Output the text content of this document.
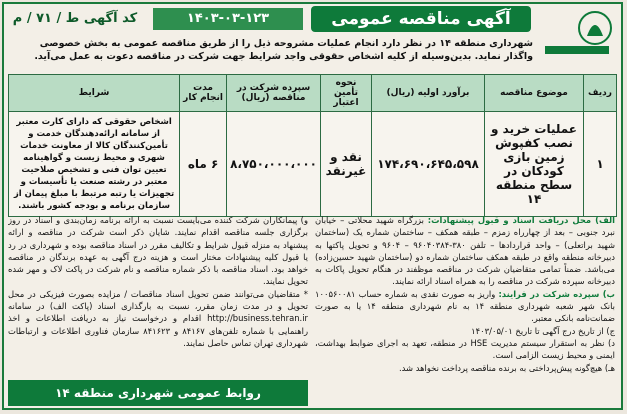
کد آگهی ط / ۷۱ / م	۱۴۰۳-۰۳-۱۲۳	آگهی مناقصه عمومی
شهرداری منطقه ۱۴ در نظر دارد انجام عملیات مشروحه ذیل را از طریق مناقصه عمومی به بخش خصوصی واگذار نماید. بدین‌وسیله از کلیه اشخاص حقوقی واجد شرایط جهت شرکت در مناقصه دعوت به عمل می‌آید.
ردیف	موضوع مناقصه	برآورد اولیه (ریال)	نحوه تأمین اعتبار	سپرده شرکت در مناقصه (ریال)	مدت انجام کار	شرایط
۱	عملیات خرید و نصب کفپوش زمین بازی کودکان در سطح منطقه ۱۴	۱۷۴،۶۹۰،۶۴۵،۵۹۸	نقد و غیرنقد	۸،۷۵۰،۰۰۰،۰۰۰	۶ ماه	اشخاص حقوقی که دارای کارت معتبر از سامانه ارائه‌دهندگان خدمت و تأمین‌کنندگان کالا از معاونت خدمات شهری و محیط زیست و گواهینامه تعیین توان فنی و تشخیص صلاحیت معتبر در رشته صنعت یا تأسیسات و تجهیزات یا رتبه مرتبط با مبلغ پیمان از سازمان برنامه و بودجه کشور باشند.
الف) محل دریافت اسناد و قبول پیشنهادات: بزرگراه شهید محلاتی – خیابان نبرد جنوبی – بعد از چهارراه زمزم – طبقه همکف – ساختمان شماره یک (ساختمان شهید براتعلی) – واحد قراردادها – تلفن ۳۸۰-۹۶۰۴۰۳۸۴ – ۹۶۰۴ و تحویل پاکتها به دبیرخانه منطقه واقع در طبقه همکف ساختمان شماره دو (ساختمان شهید حسین‌زاده) می‌باشد. ضمناً تمامی متقاضیان شرکت در مناقصه موظفند در هنگام تحویل پاکات به دبیرخانه سپرده شرکت در مناقصه را به همراه اسناد ارائه نمایند.
ب) سپرده شرکت در فرایند: واریز به صورت نقدی به شماره حساب ۱۰۰۵۶۰۰۸۱ بانک شهر شعبه شهرداری منطقه ۱۴ به نام شهرداری منطقه ۱۴ یا به صورت ضمانت‌نامه بانکی معتبر.
ج) از تاریخ درج آگهی تا تاریخ ۱۴۰۳/۰۵/۰۱
د) نظر به استقرار سیستم مدیریت HSE در منطقه، تعهد به اجرای ضوابط بهداشت، ایمنی و محیط زیست الزامی است.
هـ) هیچ‌گونه پیش‌پرداختی به برنده مناقصه پرداخت نخواهد شد.
و) پیمانکاران شرکت کننده می‌بایست نسبت به ارائه برنامه زمان‌بندی و اسناد در روز برگزاری جلسه مناقصه اقدام نمایند. شایان ذکر است شرکت در مناقصه و ارائه پیشنهاد به منزله قبول شرایط و تکالیف مقرر در اسناد مناقصه بوده و شهرداری در رد یا قبول کلیه پیشنهادات مختار است و هزینه درج آگهی به عهده برندگان در مناقصه خواهد بود. اسناد مناقصه با ذکر شماره مناقصه و نام شرکت در پاکت لاک و مهر شده تحویل نمایند.
* متقاضیان می‌توانند ضمن تحویل اسناد مناقصات / مزایده بصورت فیزیکی در محل تحویل و در مدت زمان مقرر، نسبت به بارگذاری اسناد (پاکت الف) در سامانه http://business.tehran.ir اقدام و درخواست نیاز به دریافت اطلاعات و اخذ راهنمایی با شماره تلفن‌های ۸۴۱۶۷ و ۸۴۱۶۲۳ سازمان فناوری اطلاعات و ارتباطات شهرداری تهران تماس حاصل نمایند.
روابط عمومی شهرداری منطقه ۱۴
